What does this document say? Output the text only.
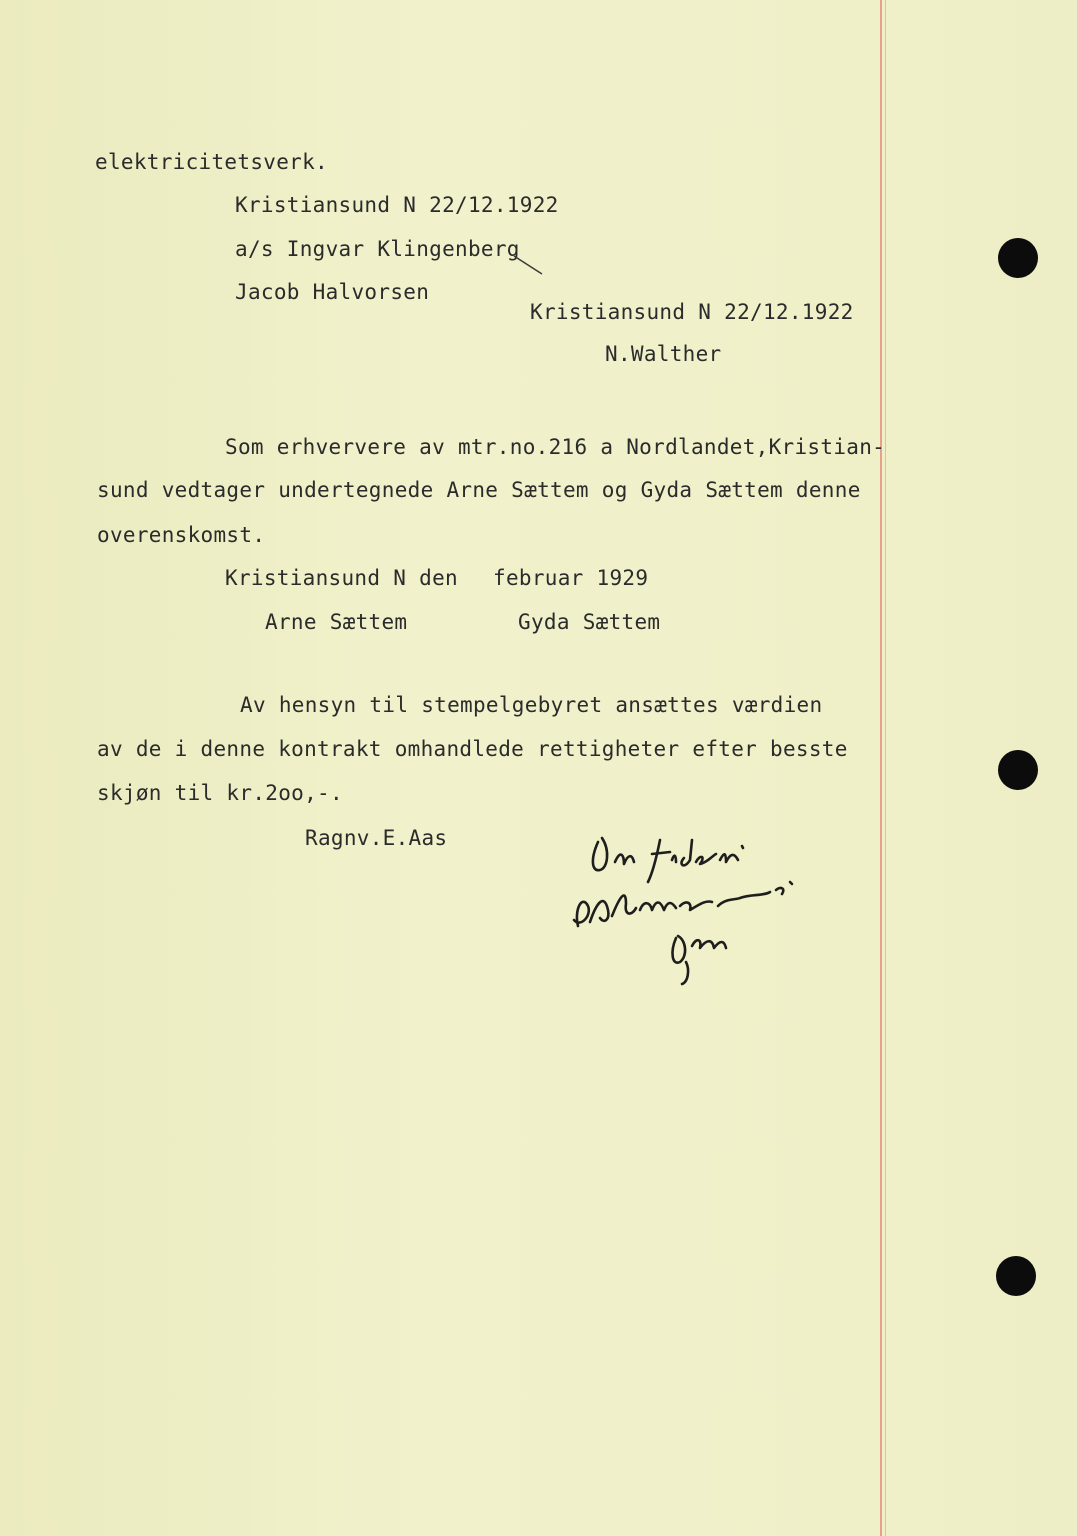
elektricitetsverk.
Kristiansund N 22/12.1922
a/s Ingvar Klingenberg
Jacob Halvorsen
Kristiansund N 22/12.1922
N.Walther
Som erhververe av mtr.no.216 a Nordlandet,Kristian-
sund vedtager undertegnede Arne Sættem og Gyda Sættem denne
overenskomst.
Kristiansund N den februar 1929
Arne Sættem	Gyda Sættem
Av hensyn til stempelgebyret ansættes værdien
av de i denne kontrakt omhandlede rettigheter efter besste
skjøn til kr.2oo,-.
Ragnv.E.Aas
